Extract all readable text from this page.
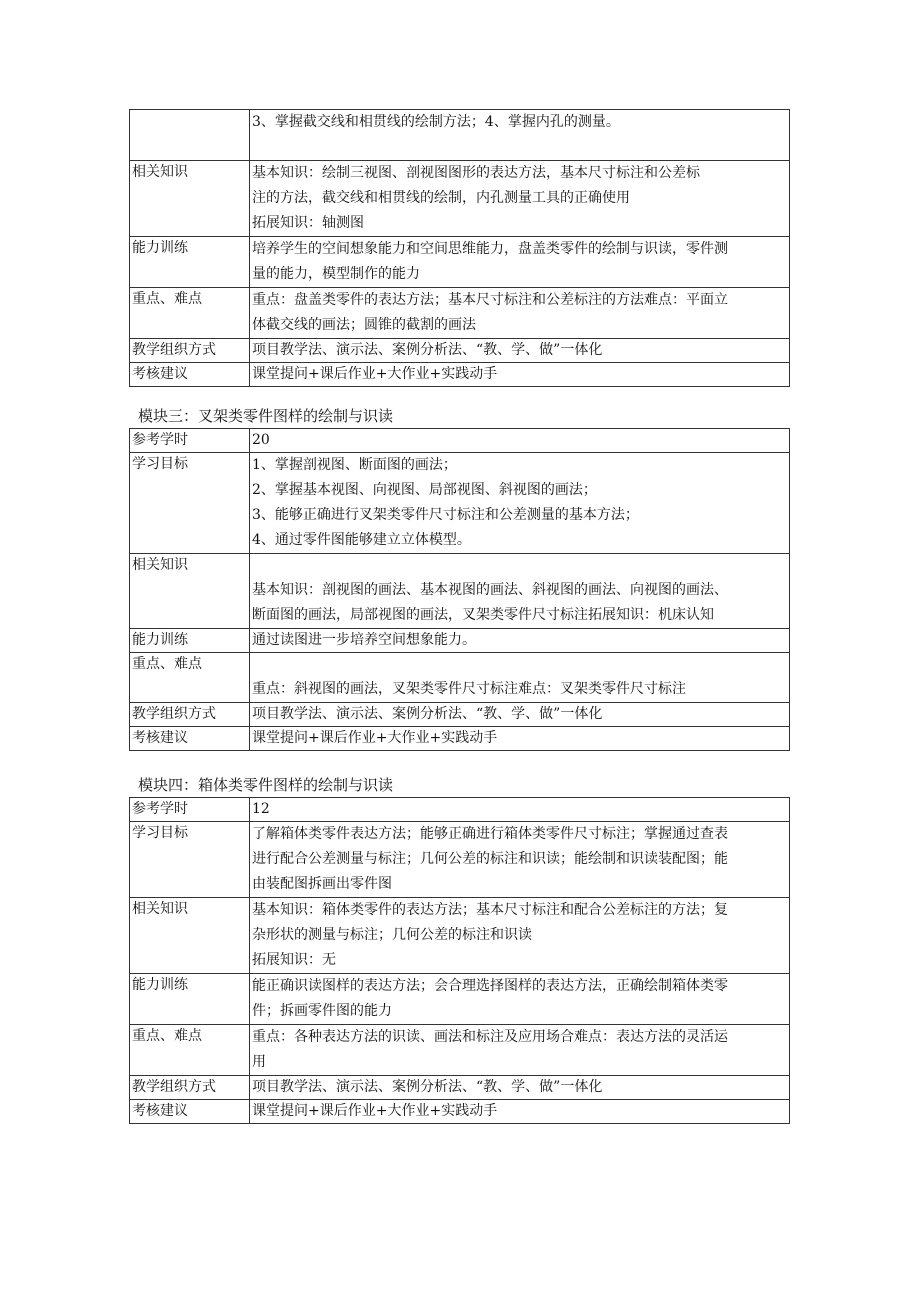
	3、掌握截交线和相贯线的绘制方法；4、掌握内孔的测量。

相关知识	基本知识：绘制三视图、剖视图图形的表达方法，基本尺寸标注和公差标
注的方法，截交线和相贯线的绘制，内孔测量工具的正确使用
拓展知识：轴测图

能力训练	培养学生的空间想象能力和空间思维能力，盘盖类零件的绘制与识读，零件测
量的能力，模型制作的能力

重点、难点	重点：盘盖类零件的表达方法；基本尺寸标注和公差标注的方法难点：平面立
体截交线的画法；圆锥的截割的画法

教学组织方式	项目教学法、演示法、案例分析法、“教、学、做”一体化
考核建议	课堂提问+课后作业+大作业+实践动手
模块三：叉架类零件图样的绘制与识读
参考学时	20
学习目标	1、掌握剖视图、断面图的画法；
2、掌握基本视图、向视图、局部视图、斜视图的画法；
3、能够正确进行叉架类零件尺寸标注和公差测量的基本方法；
4、通过零件图能够建立立体模型。

相关知识	基本知识：剖视图的画法、基本视图的画法、斜视图的画法、向视图的画法、
断面图的画法，局部视图的画法，叉架类零件尺寸标注拓展知识：机床认知

能力训练	通过读图进一步培养空间想象能力。
重点、难点	重点：斜视图的画法，叉架类零件尺寸标注难点：叉架类零件尺寸标注

教学组织方式	项目教学法、演示法、案例分析法、“教、学、做”一体化
考核建议	课堂提问+课后作业+大作业+实践动手
模块四：箱体类零件图样的绘制与识读
参考学时	12
学习目标	了解箱体类零件表达方法；能够正确进行箱体类零件尺寸标注；掌握通过查表
进行配合公差测量与标注；几何公差的标注和识读；能绘制和识读装配图；能
由装配图拆画出零件图

相关知识	基本知识：箱体类零件的表达方法；基本尺寸标注和配合公差标注的方法；复
杂形状的测量与标注；几何公差的标注和识读
拓展知识：无

能力训练	能正确识读图样的表达方法；会合理选择图样的表达方法，正确绘制箱体类零
件；拆画零件图的能力

重点、难点	重点：各种表达方法的识读、画法和标注及应用场合难点：表达方法的灵活运
用

教学组织方式	项目教学法、演示法、案例分析法、“教、学、做”一体化
考核建议	课堂提问+课后作业+大作业+实践动手
